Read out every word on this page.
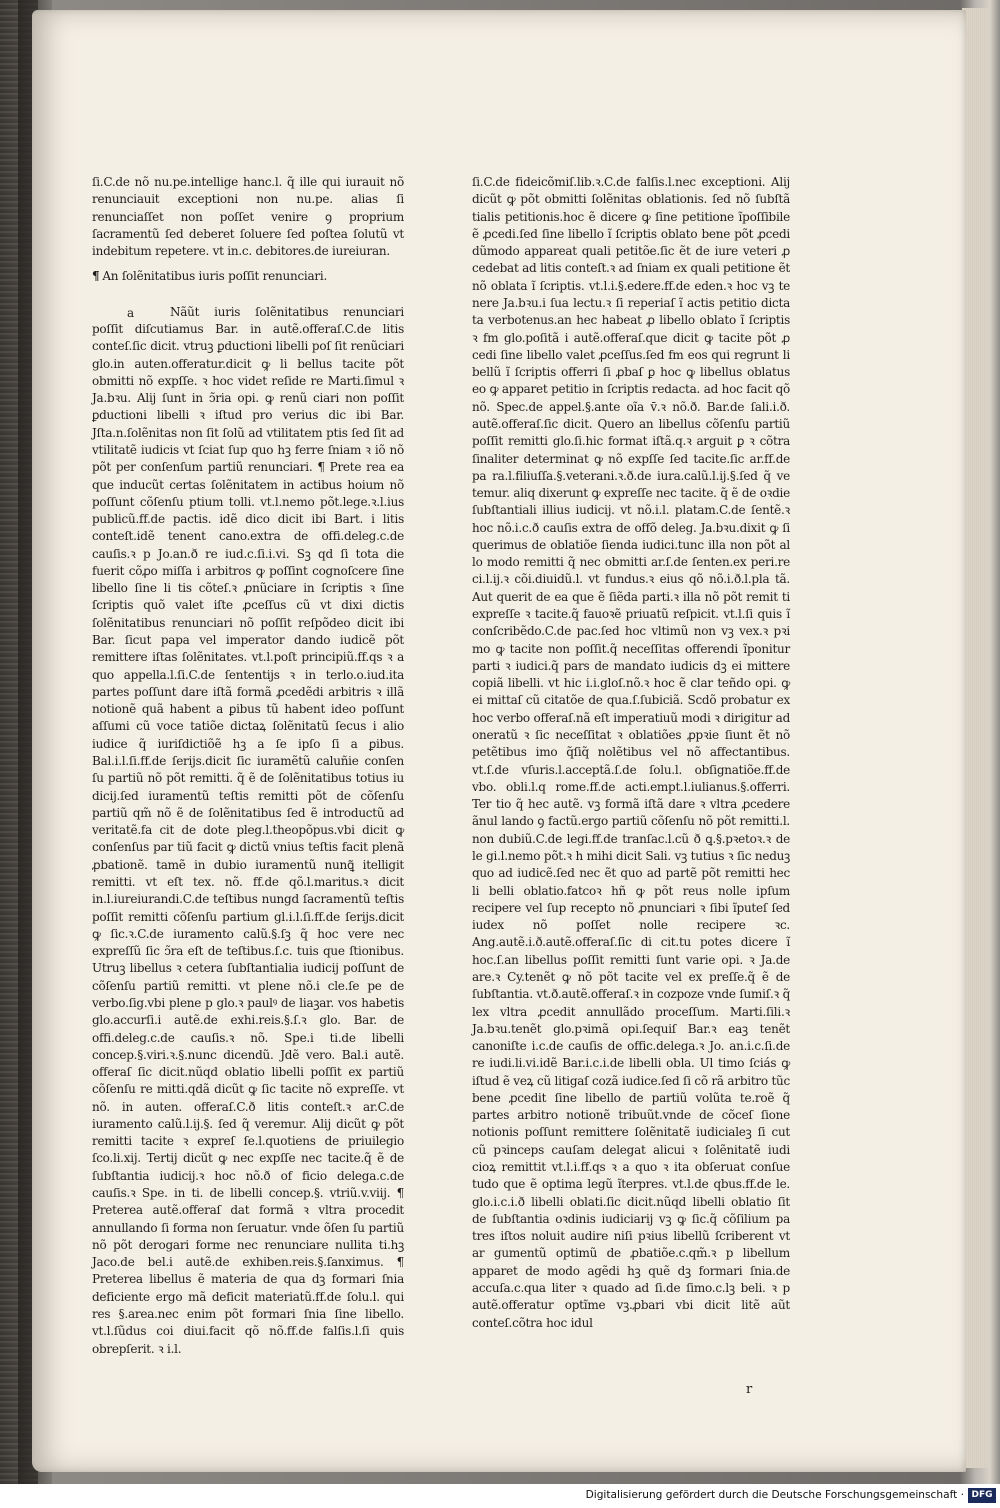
ſi.C.de nõ nu.pe.intellige hanc.l. q̃ ille qui iurauit nõ renunciauit exceptioni non nu.pe. alias ſi renunciaſſet non poſſet venire ꝯ proprium ſacramentũ ſed deberet ſoluere ſed poſtea ſolutũ vt indebitum repetere. vt in.c. debitores.de iureiuran.

¶ An ſolẽnitatibus iuris poſſit renunciari.
a	Nãũt iuris ſolẽnitatibus renunciari poſſit diſcutiamus Bar. in autẽ.offeraſ.C.de litis conteſ.ſic dicit. vtruꝫ ꝑductioni libelli poſ ſit renũciari glo.in auten.offeratur.dicit ꝙ li bellus tacite põt obmitti nõ expſſe. ꝛ hoc videt reſide re Marti.ſimul ꝛ Ja.bꝛu. Alij ſunt in ↄ̃ria opi. ꝙ renũ ciari non poſſit ꝑductioni libelli ꝛ iſtud pro verius dic ibi Bar. Jſta.n.ſolẽnitas non ſit ſolũ ad vtilitatem ptis ſed ſit ad vtilitatẽ iudicis vt ſciat ſup quo hꝫ ferre ſniam ꝛ iõ nõ põt per conſenſum partiũ renunciari. ¶ Prete rea ea que inducũt certas ſolẽnitatem in actibus hoium nõ poſſunt cõſenſu ptium tolli. vt.l.nemo põt.lege.ꝛ.l.ius publicũ.ff.de pactis. idẽ dico dicit ibi Bart. i litis conteſt.idẽ tenent cano.extra de offi.deleg.c.de cauſis.ꝛ p Jo.an.ð re iud.c.ſi.i.vi. Sꝫ qd ſi tota die fuerit cõꝓo miſſa i arbitros ꝙ poſſint cognoſcere ſine libello ſine li tis cõteſ.ꝛ ꝓnũciare in ſcriptis ꝛ ſine ſcriptis quõ valet iſte ꝓceſſus cũ vt dixi dictis ſolẽnitatibus renunciari nõ poſſit reſpõdeo dicit ibi Bar. ſicut papa vel imperator dando iudicẽ põt remittere iſtas ſolẽnitates. vt.l.poſt principiũ.ff.qs ꝛ a quo appella.l.ſi.C.de ſententijs ꝛ in terlo.o.iud.ita partes poſſunt dare iſtã formã ꝓcedẽdi arbitris ꝛ illã notionẽ quã habent a ꝑibus tũ habent ideo poſſunt aſſumi cũ voce tatiõe dictaꝝ ſolẽnitatũ ſecus i alio iudice q̃ iuriſdictiõẽ hꝫ a ſe ipſo ſi a ꝑibus. Bal.i.l.ſi.ff.de ſerijs.dicit ſic iuramẽtũ caluñie conſen ſu partiũ nõ põt remitti. q̃ ẽ de ſolẽnitatibus totius iu dicij.ſed iuramentũ teſtis remitti põt de cõſenſu partiũ qm̃ nõ ẽ de ſolẽnitatibus ſed ẽ introductũ ad veritatẽ.fa cit de dote pleg.l.theopõpus.vbi dicit ꝙ conſenſus par tiũ facit ꝙ dictũ vnius teſtis facit plenã ꝓbationẽ. tamẽ in dubio iuramentũ nunꝗ̃ itelligit remitti. vt eſt tex. nõ. ff.de qõ.l.maritus.ꝛ dicit in.l.iureiurandi.C.de teſtibus nungd ſacramentũ teſtis poſſit remitti cõſenſu partium gl.i.l.ſi.ff.de ſerijs.dicit ꝙ ſic.ꝛ.C.de iuramento calũ.§.ſꝫ q̃ hoc vere nec expreſſũ ſic ↄ̃ra eſt de teſtibus.ſ.c. tuis que ſtionibus. Utruꝫ libellus ꝛ cetera ſubſtantialia iudicij poſſunt de cõſenſu partiũ remitti. vt plene nõ.i cle.ſe pe de verbo.ſig.vbi plene p glo.ꝛ paulꝰ de liaꝫar. vos habetis glo.accurſi.i autẽ.de exhi.reis.§.ſ.ꝛ glo. Bar. de offi.deleg.c.de cauſis.ꝛ nõ. Spe.i ti.de libelli concep.§.viri.ꝛ.§.nunc dicendũ. Jdẽ vero. Bal.i autẽ. offeraſ ſic dicit.nũqd oblatio libelli poſſit ex partiũ cõſenſu re mitti.qdã dicũt ꝙ ſic tacite nõ expreſſe. vt nõ. in auten. offeraſ.C.ð litis conteſt.ꝛ ar.C.de iuramento calũ.l.ij.§. ſed q̃ veremur. Alij dicũt ꝙ põt remitti tacite ꝛ expreſ ſe.l.quotiens de priuilegio ſco.li.xij. Tertij dicũt ꝙ nec expſſe nec tacite.q̃ ẽ de ſubſtantia iudicij.ꝛ hoc nõ.ð of ficio delega.c.de cauſis.ꝛ Spe. in ti. de libelli concep.§. vtriũ.v.viij. ¶ Preterea autẽ.offeraſ dat formã ꝛ vltra procedit annullando ſi forma non ſeruatur. vnde õſen ſu partiũ nõ põt derogari forme nec renunciare nullita ti.hꝫ Jaco.de bel.i autẽ.de exhiben.reis.§.ſanximus. ¶ Preterea libellus ẽ materia de qua dꝫ formari ſnia deficiente ergo mã deficit materiatũ.ff.de ſolu.l. qui res §.area.nec enim põt formari ſnia ſine libello. vt.l.ſũdus coi diui.facit qõ nõ.ff.de falſis.l.ſi quis obrepſerit. ꝛ i.l.

ſi.C.de fideicõmiſ.lib.ꝛ.C.de falſis.l.nec exceptioni. Alij dicũt ꝙ põt obmitti ſolẽnitas oblationis. ſed nõ ſubſtã tialis petitionis.hoc ẽ dicere ꝙ ſine petitione ĩpoſſibile ẽ ꝓcedi.ſed ſine libello ĩ ſcriptis oblato bene põt ꝓcedi dũmodo appareat quali petitõe.ſic ẽt de iure veteri ꝓ cedebat ad litis conteſt.ꝛ ad ſniam ex quali petitione ẽt nõ oblata ĩ ſcriptis. vt.l.i.§.edere.ff.de eden.ꝛ hoc vꝫ te nere Ja.bꝛu.i ſua lectu.ꝛ ſi reperiaſ ĩ actis petitio dicta ta verbotenus.an hec habeat ꝓ libello oblato ĩ ſcriptis ꝛ fm glo.poſitã i autẽ.offeraſ.que dicit ꝙ tacite põt ꝓ cedi ſine libello valet ꝓceſſus.ſed fm eos qui regrunt li bellũ ĩ ſcriptis offerri ſi ꝓbaſ ꝑ hoc ꝙ libellus oblatus eo ꝙ apparet petitio in ſcriptis redacta. ad hoc facit qõ nõ. Spec.de appel.§.ante oĩa v̄.ꝛ nõ.ð. Bar.de ſali.i.ð. autẽ.offeraſ.ſic dicit. Quero an libellus cõſenſu partiũ poſſit remitti glo.ſi.hic format iſtã.q.ꝛ arguit ꝑ ꝛ cõtra ſinaliter determinat ꝙ nõ expſſe ſed tacite.ſic ar.ff.de pa ra.l.filiuſſa.§.veterani.ꝛ.ð.de iura.calũ.l.ij.§.ſed q̃ ve temur. aliq dixerunt ꝙ expreſſe nec tacite. q̃ ẽ de oꝛdie ſubſtantiali illius iudicij. vt nõ.i.l. platam.C.de ſentẽ.ꝛ hoc nõ.i.c.ð cauſis extra de offõ deleg. Ja.bꝛu.dixit ꝙ ſi querimus de oblatiõe ſienda iudici.tunc illa non põt al lo modo remitti q̃ nec obmitti ar.ſ.de ſenten.ex peri.re ci.l.ij.ꝛ cõi.diuidũ.l. vt fundus.ꝛ eius qõ nõ.i.ð.l.pla tã. Aut querit de ea que ẽ ſiẽda parti.ꝛ illa nõ põt remit ti expreſſe ꝛ tacite.q̃ fauoꝛẽ priuatũ reſpicit. vt.l.ſi quis ĩ conſcribẽdo.C.de pac.ſed hoc vltimũ non vꝫ vex.ꝛ pꝛi mo ꝙ tacite non poſſit.q̃ neceſſitas offerendi ĩponitur parti ꝛ iudici.q̃ pars de mandato iudicis dꝫ ei mittere copiã libelli. vt hic i.i.gloſ.nõ.ꝛ hoc ẽ clar teñdo opi. ꝙ ei mittaſ cũ citatõe de qua.ſ.ſubiciã. Scdõ probatur ex hoc verbo offeraſ.nã eſt imperatiuũ modi ꝛ dirigitur ad oneratũ ꝛ ſic neceſſitat ꝛ oblatiões ꝓpꝛie ſiunt ẽt nõ petẽtibus imo q̃ſiq̃ nolẽtibus vel nõ affectantibus. vt.ſ.de vſuris.l.acceptã.ſ.de ſolu.l. obſignatiõe.ff.de vbo. obli.l.q rome.ff.de acti.empt.l.iulianus.§.offerri. Ter tio q̃ hec autẽ. vꝫ formã iſtã dare ꝛ vltra ꝓcedere ãnul lando ꝯ factũ.ergo partiũ cõſenſu nõ põt remitti.l. non dubiũ.C.de legi.ff.de tranſac.l.cũ ð ꝗ.§.pꝛetoꝛ.ꝛ de le gi.l.nemo põt.ꝛ h mihi dicit Sali. vꝫ tutius ꝛ ſic neduꝫ quo ad iudicẽ.ſed nec ẽt quo ad partẽ põt remitti hec li belli oblatio.fatcoꝛ hñ ꝙ põt reus nolle ipſum recipere vel ſup recepto nõ ꝓnunciari ꝛ ſibi ĩputeſ ſed iudex nõ poſſet nolle recipere ꝛc. Ang.autẽ.i.ð.autẽ.offeraſ.ſic di cit.tu potes dicere ĩ hoc.ſ.an libellus poſſit remitti ſunt varie opi. ꝛ Ja.de are.ꝛ Cy.tenẽt ꝙ nõ põt tacite vel ex preſſe.q̃ ẽ de ſubſtantia. vt.ð.autẽ.offeraſ.ꝛ in cozpoze vnde ſumiſ.ꝛ q̃ lex vltra ꝓcedit annullãdo proceſſum. Marti.ſili.ꝛ Ja.bꝛu.tenẽt glo.pꝛimã opi.ſequiſ Bar.ꝛ eaꝫ tenẽt canoniſte i.c.de cauſis de offic.delega.ꝛ Jo. an.i.c.ſi.de re iudi.li.vi.idẽ Bar.i.c.i.de libelli obla. Ul timo ſciás ꝙ iſtud ẽ veꝝ cũ litigaſ cozã iudice.ſed ſi cõ rã arbitro tũc bene ꝓcedit ſine libello de partiũ volũta te.roẽ q̃ partes arbitro notionẽ tribuũt.vnde de cõceſ ſione notionis poſſunt remittere ſolẽnitatẽ iudicialeꝫ ſi cut cũ pꝛinceps cauſam delegat alicui ꝛ ſolẽnitatẽ iudi cioꝝ remittit vt.l.i.ff.qs ꝛ a quo ꝛ ita obſeruat conſue tudo que ẽ optima legũ ĩterpres. vt.l.de qbus.ff.de le. glo.i.c.i.ð libelli oblati.ſic dicit.nũqd libelli oblatio ſit de ſubſtantia oꝛdinis iudiciarij vꝫ ꝙ ſic.q̃ cõſilium pa tres iſtos noluit audire niſi pꝛius libellũ ſcriberent vt ar gumentũ optimũ de ꝓbatiõe.c.qm̃.ꝛ p libellum apparet de modo agẽdi hꝫ quẽ dꝫ formari ſnia.de accuſa.c.qua liter ꝛ quado ad ſi.de ſimo.c.lꝫ beli. ꝛ p autẽ.offeratur optĩme vꝫ.ꝓbari vbi dicit litẽ aũt conteſ.cõtra hoc idul

r
Digitalisierung gefördert durch die Deutsche Forschungsgemeinschaft · DFG
